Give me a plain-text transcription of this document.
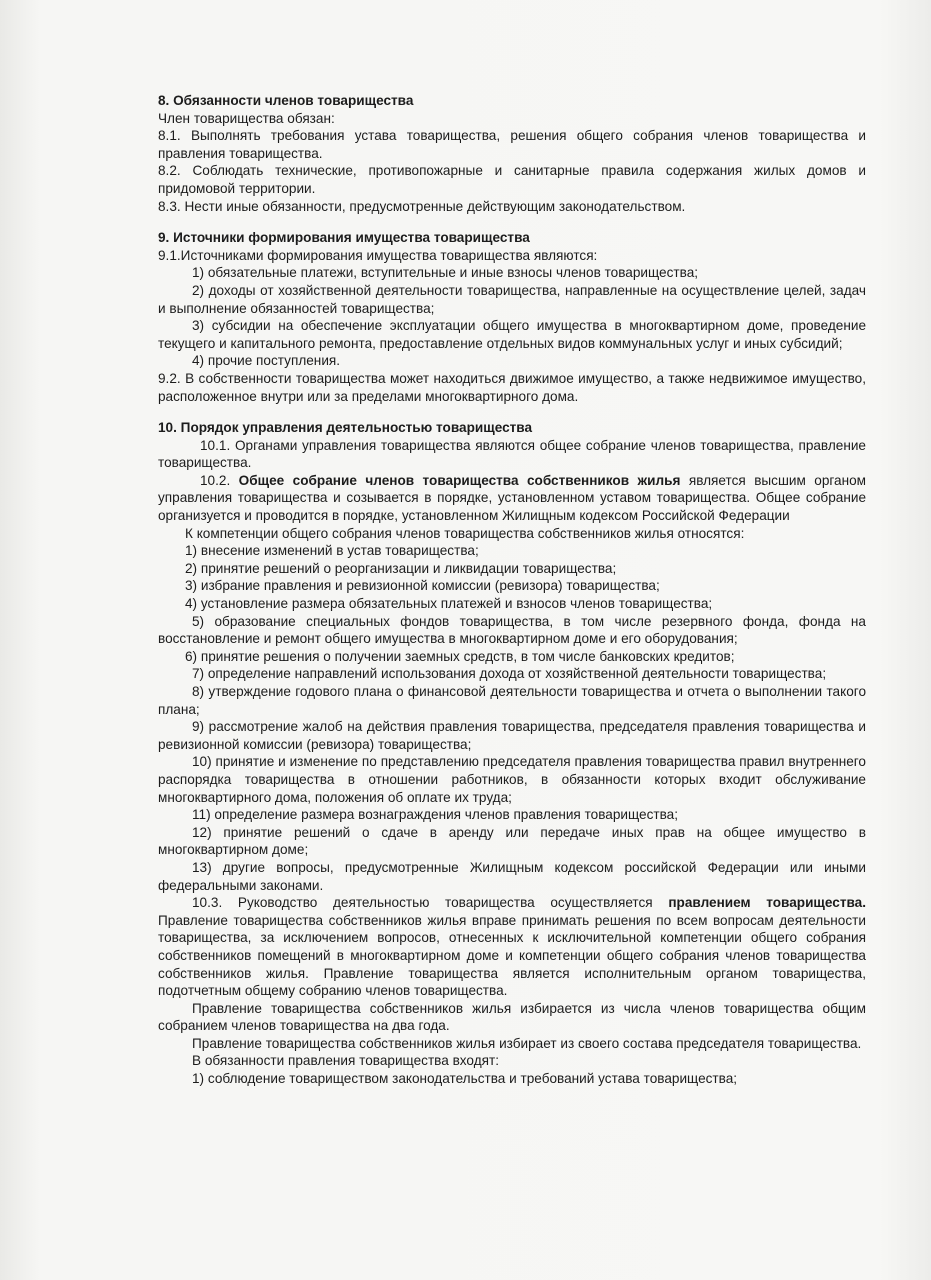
8. Обязанности членов товарищества

Член товарищества обязан:

8.1. Выполнять требования устава товарищества, решения общего собрания членов товарищества и правления товарищества.

8.2. Соблюдать технические, противопожарные и санитарные правила содержания жилых домов и придомовой территории.

8.3. Нести иные обязанности, предусмотренные действующим законодательством.

9. Источники формирования имущества товарищества

9.1.Источниками формирования имущества товарищества являются:

1) обязательные платежи, вступительные и иные взносы членов товарищества;

2) доходы от хозяйственной деятельности товарищества, направленные на осуществление целей, задач и выполнение обязанностей товарищества;

3) субсидии на обеспечение эксплуатации общего имущества в многоквартирном доме, проведение текущего и капитального ремонта, предоставление отдельных видов коммунальных услуг и иных субсидий;

4) прочие поступления.

9.2. В собственности товарищества может находиться движимое имущество, а также недвижимое имущество, расположенное внутри или за пределами многоквартирного дома.

10. Порядок управления деятельностью товарищества

10.1. Органами управления товарищества являются общее собрание членов товарищества, правление товарищества.

10.2. Общее собрание членов товарищества собственников жилья является высшим органом управления товарищества и созывается в порядке, установленном уставом товарищества. Общее собрание организуется и проводится в порядке, установленном Жилищным кодексом Российской Федерации

К компетенции общего собрания членов товарищества собственников жилья относятся:

1) внесение изменений в устав товарищества;

2) принятие решений о реорганизации и ликвидации товарищества;

3) избрание правления и ревизионной комиссии (ревизора) товарищества;

4) установление размера обязательных платежей и взносов членов товарищества;

5) образование специальных фондов товарищества, в том числе резервного фонда, фонда на восстановление и ремонт общего имущества в многоквартирном доме и его оборудования;

6) принятие решения о получении заемных средств, в том числе банковских кредитов;

7) определение направлений использования дохода от хозяйственной деятельности товарищества;

8) утверждение годового плана о финансовой деятельности товарищества и отчета о выполнении такого плана;

9) рассмотрение жалоб на действия правления товарищества, председателя правления товарищества и ревизионной комиссии (ревизора) товарищества;

10) принятие и изменение по представлению председателя правления товарищества правил внутреннего распорядка товарищества в отношении работников, в обязанности которых входит обслуживание многоквартирного дома, положения об оплате их труда;

11) определение размера вознаграждения членов правления товарищества;

12) принятие решений о сдаче в аренду или передаче иных прав на общее имущество в многоквартирном доме;

13) другие вопросы, предусмотренные Жилищным кодексом российской Федерации или иными федеральными законами.

10.3. Руководство деятельностью товарищества осуществляется правлением товарищества. Правление товарищества собственников жилья вправе принимать решения по всем вопросам деятельности товарищества, за исключением вопросов, отнесенных к исключительной компетенции общего собрания собственников помещений в многоквартирном доме и компетенции общего собрания членов товарищества собственников жилья. Правление товарищества является исполнительным органом товарищества, подотчетным общему собранию членов товарищества.

Правление товарищества собственников жилья избирается из числа членов товарищества общим собранием членов товарищества на два года.

Правление товарищества собственников жилья избирает из своего состава председателя товарищества.

В обязанности правления товарищества входят:

1) соблюдение товариществом законодательства и требований устава товарищества;
